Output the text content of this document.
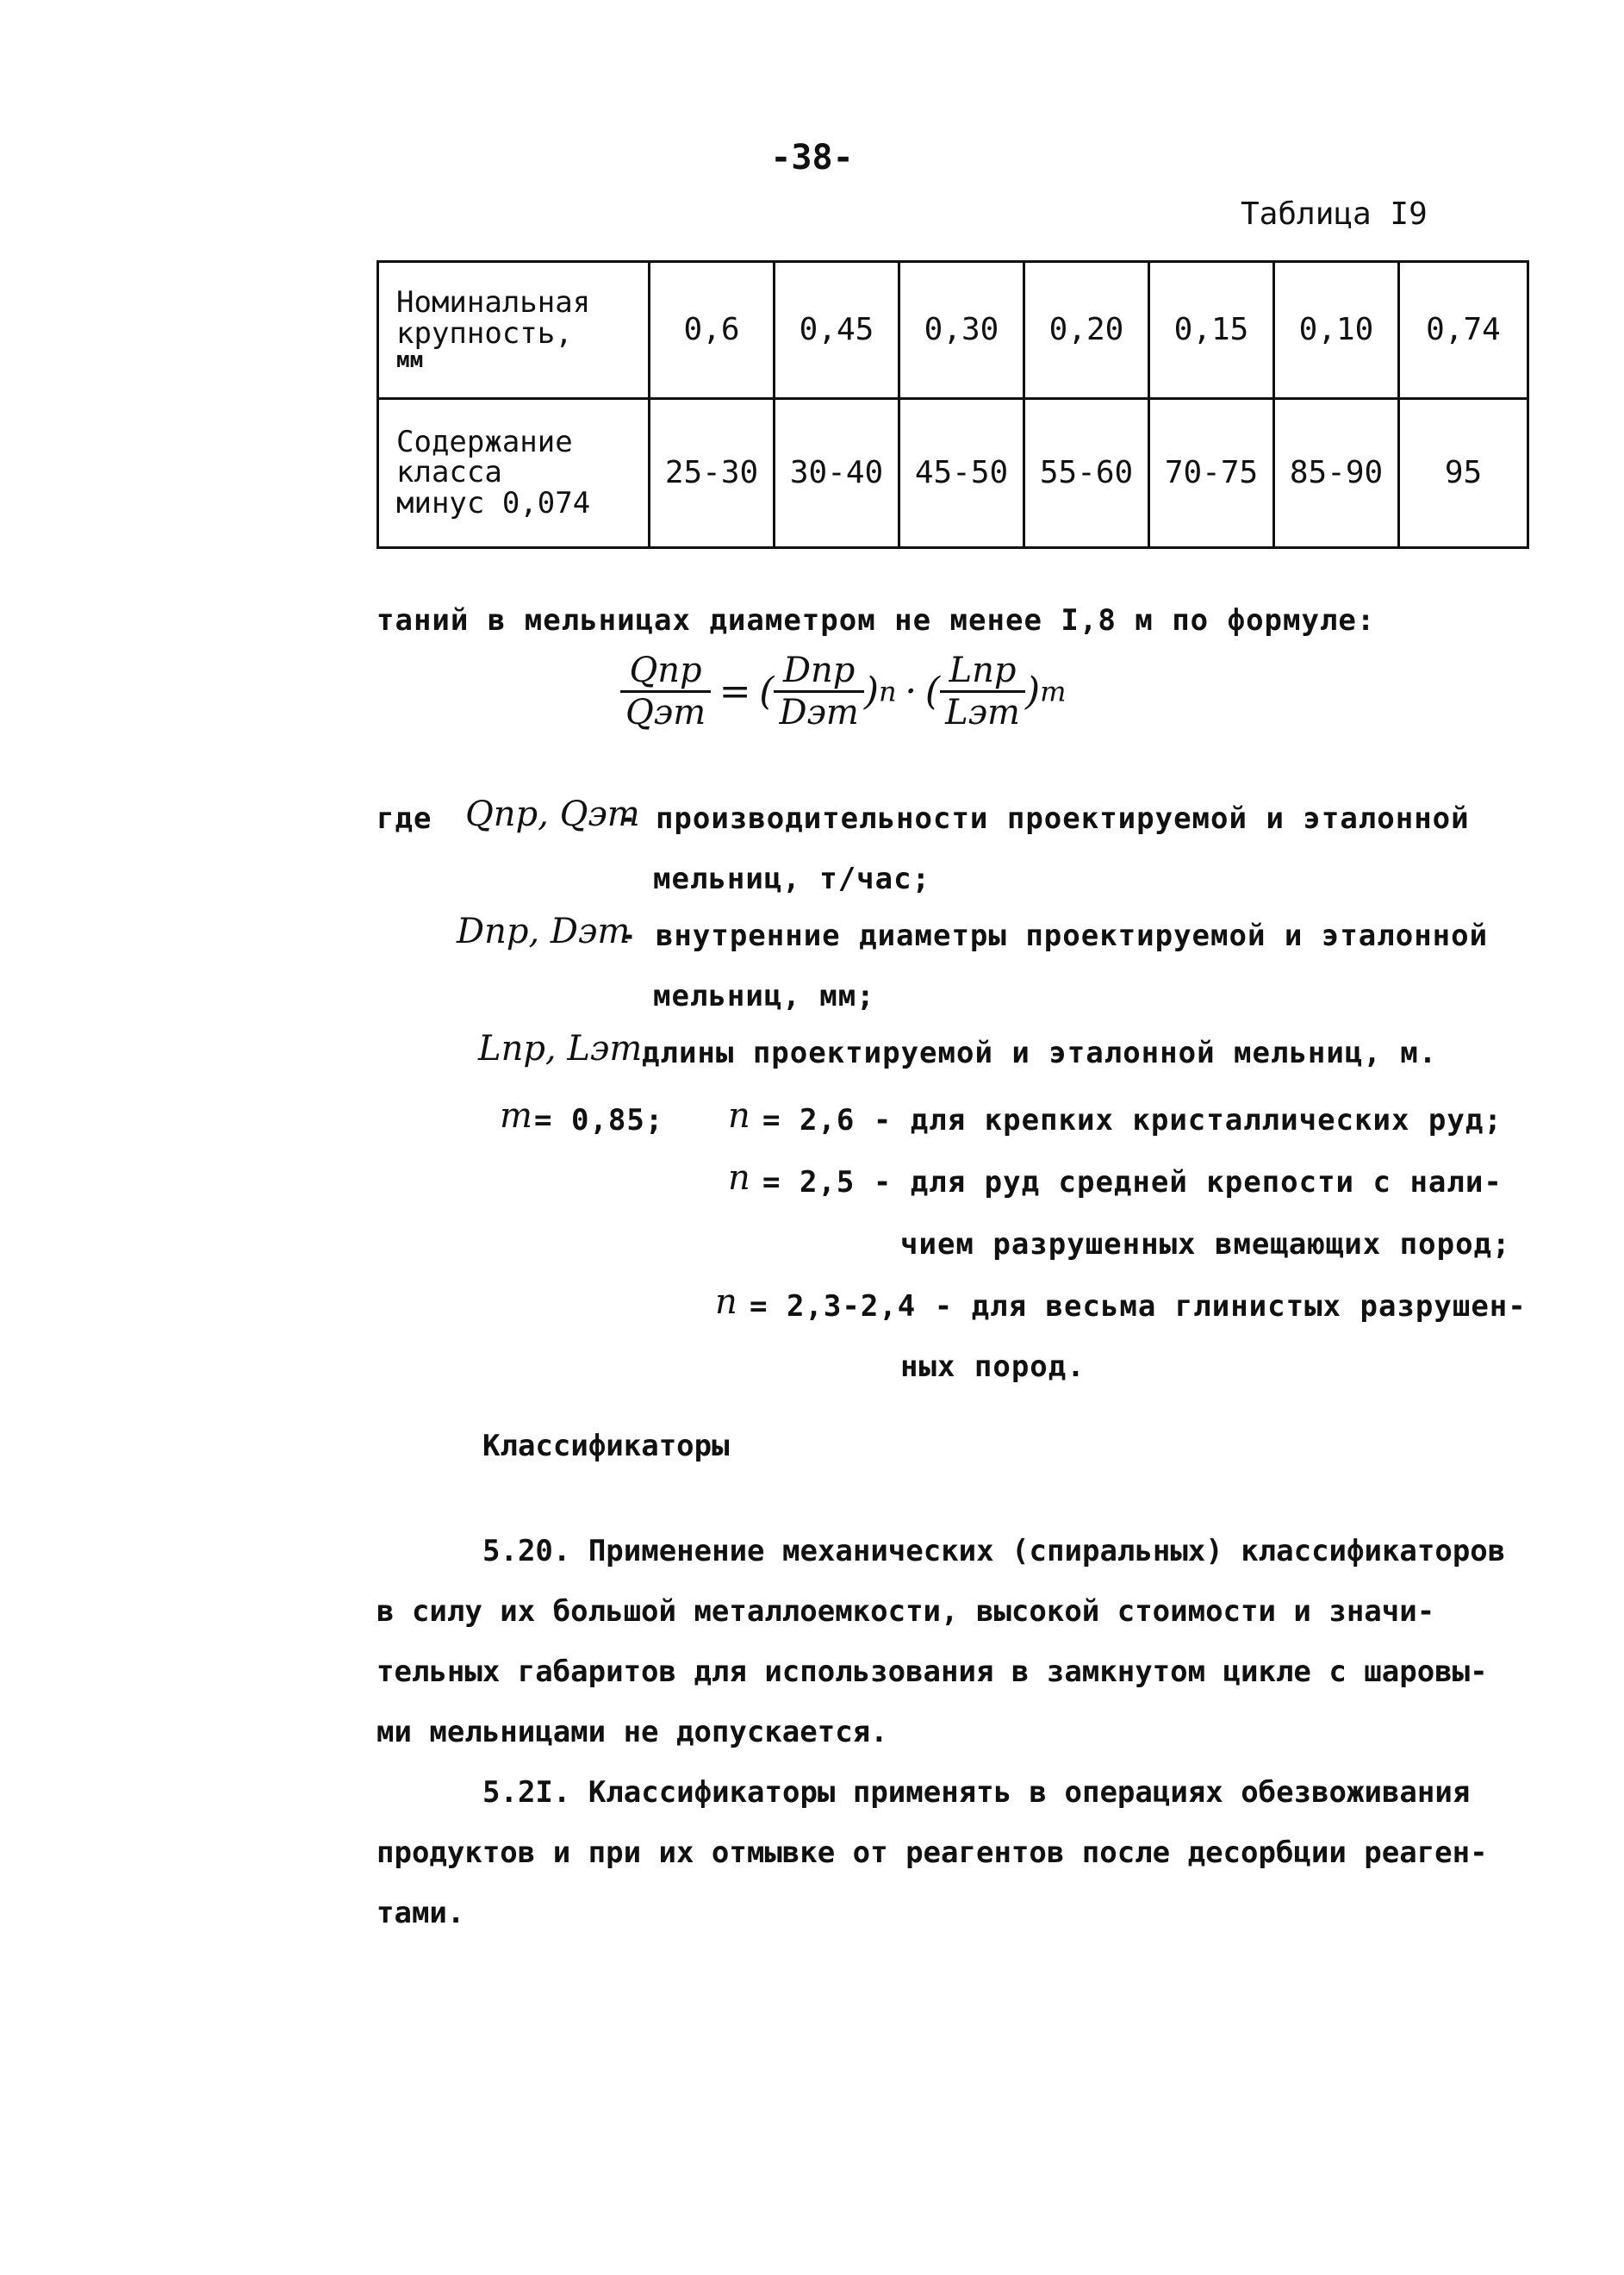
-38-
Таблица I9
Номинальная
крупность,
мм	0,6	0,45	0,30	0,20	0,15	0,10	0,74

Содержание
класса
минус 0,074	25-30	30-40	45-50	55-60	70-75	85-90	95
таний в мельницах диаметром не менее I,8 м по формуле:
$\frac{\text{Qпр}}{\text{Qэт}}$ = ( $\frac{\text{Dпр}}{\text{Dэт}} )n$ · ( $\frac{\text{Lпр}}{\text{Lэт}} )m$
где Qпр, Qэт
- производительности проектируемой и эталонной
мельниц, т/час;
Dпр, Dэт
- внутренние диаметры проектируемой и эталонной
мельниц, мм;
Lпр, Lэт длины проектируемой и эталонной мельниц, м.
m = 0,85; n = 2,6 - для крепких кристаллических руд;
n = 2,5 - для руд средней крепости с нали-
чием разрушенных вмещающих пород;
n = 2,3-2,4 - для весьма глинистых разрушен-
ных пород.
Классификаторы
5.20. Применение механических (спиральных) классификаторов
в силу их большой металлоемкости, высокой стоимости и значи-
тельных габаритов для использования в замкнутом цикле с шаровы-
ми мельницами не допускается.
5.2I. Классификаторы применять в операциях обезвоживания
продуктов и при их отмывке от реагентов после десорбции реаген-
тами.
